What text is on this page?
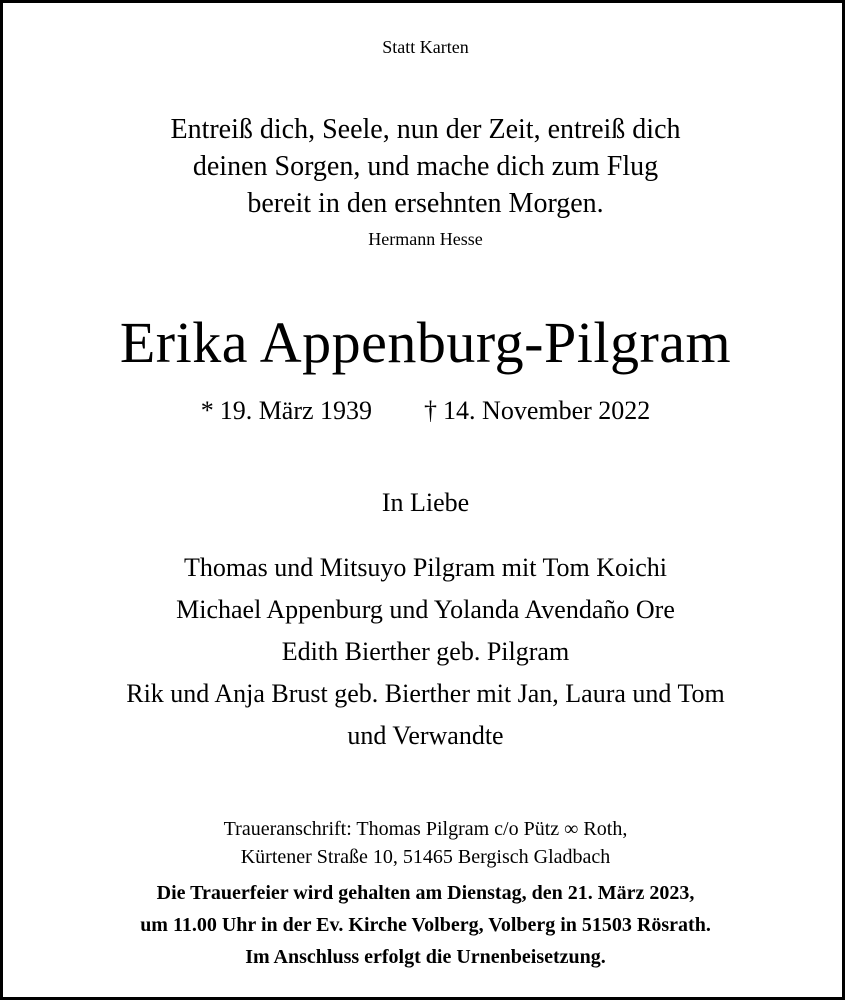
Statt Karten
Entreiß dich, Seele, nun der Zeit, entreiß dich
deinen Sorgen, und mache dich zum Flug
bereit in den ersehnten Morgen.
Hermann Hesse
Erika Appenburg-Pilgram
* 19. März 1939 † 14. November 2022
In Liebe
Thomas und Mitsuyo Pilgram mit Tom Koichi
Michael Appenburg und Yolanda Avendaño Ore
Edith Bierther geb. Pilgram
Rik und Anja Brust geb. Bierther mit Jan, Laura und Tom
und Verwandte
Traueranschrift: Thomas Pilgram c/o Pütz ∞ Roth,
Kürtener Straße 10, 51465 Bergisch Gladbach
Die Trauerfeier wird gehalten am Dienstag, den 21. März 2023,
um 11.00 Uhr in der Ev. Kirche Volberg, Volberg in 51503 Rösrath.
Im Anschluss erfolgt die Urnenbeisetzung.
